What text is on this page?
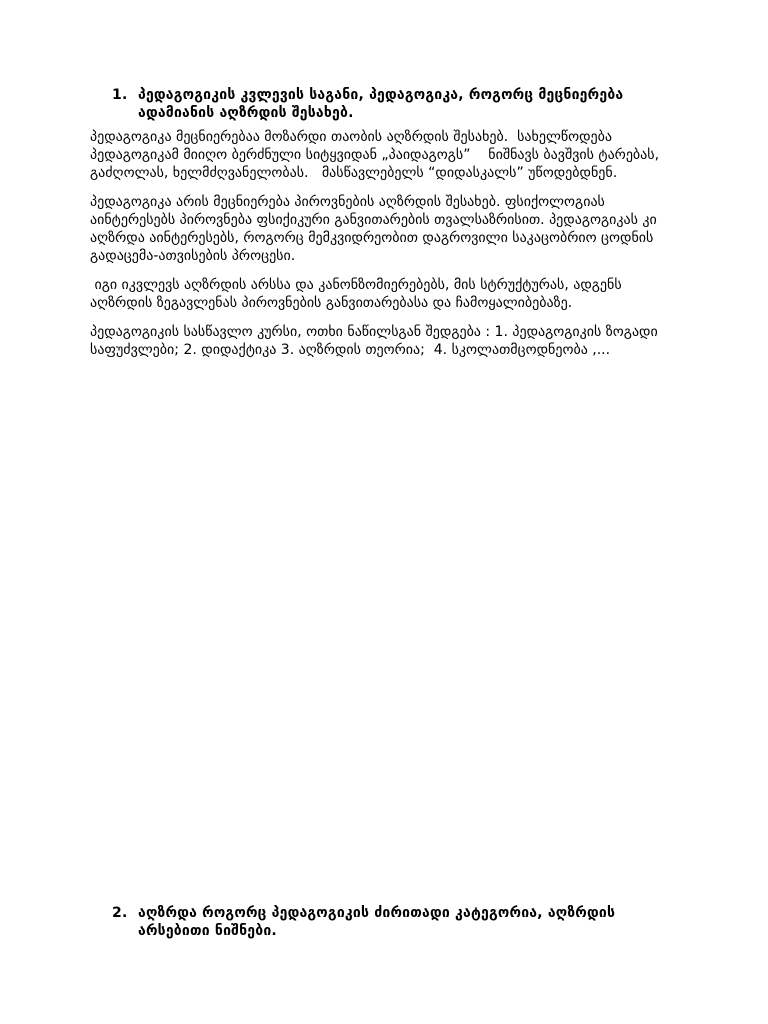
1. პედაგოგიკის კვლევის საგანი, პედაგოგიკა, როგორც მეცნიერება ადამიანის აღზრდის შესახებ.

პედაგოგიკა მეცნიერებაა მოზარდი თაობის აღზრდის შესახებ.  სახელწოდება პედაგოგიკამ მიიღო ბერძნული სიტყვიდან „პაიდაგოგს”    ნიშნავს ბავშვის ტარებას, გაძღოლას, ხელმძღვანელობას.   მასწავლებელს “დიდასკალს” უწოდებდნენ.

პედაგოგიკა არის მეცნიერება პიროვნების აღზრდის შესახებ. ფსიქოლოგიას აინტერესებს პიროვნება ფსიქიკური განვითარების თვალსაზრისით. პედაგოგიკას კი აღზრდა აინტერესებს, როგორც მემკვიდრეობით დაგროვილი საკაცობრიო ცოდნის გადაცემა-ათვისების პროცესი.

იგი იკვლევს აღზრდის არსსა და კანონზომიერებებს, მის სტრუქტურას, ადგენს აღზრდის ზეგავლენას პიროვნების განვითარებასა და ჩამოყალიბებაზე.

პედაგოგიკის სასწავლო კურსი, ოთხი ნაწილსგან შედგება : 1. პედაგოგიკის ზოგადი საფუძვლები; 2. დიდაქტიკა 3. აღზრდის თეორია;  4. სკოლათმცოდნეობა ,...

2. აღზრდა როგორც პედაგოგიკის ძირითადი კატეგორია, აღზრდის არსებითი ნიშნები.
